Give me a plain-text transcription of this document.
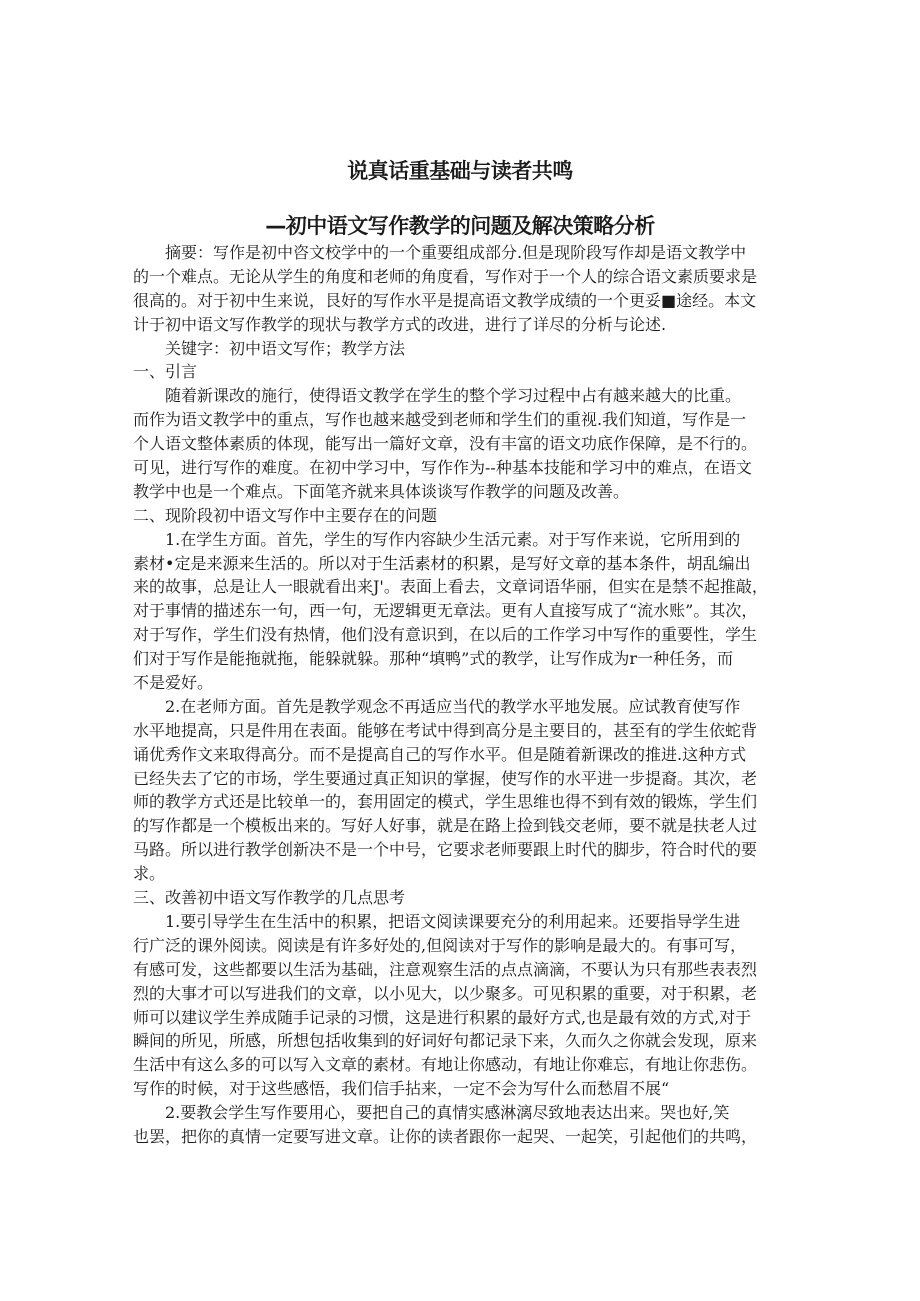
说真话重基础与读者共鸣
—初中语文写作教学的问题及解决策略分析
　　摘要：写作是初中咨文校学中的一个重要组成部分.但是现阶段写作却是语文教学中
的一个难点。无论从学生的角度和老师的角度看，写作对于一个人的综合语文素质要求是
很高的。对于初中生来说，艮好的写作水平是提高语文教学成绩的一个更妥■途经。本文
计于初中语文写作教学的现状与教学方式的改进，进行了详尽的分析与论述.
　　关键字：初中语文写作；教学方法
一、引言
　　随着新课改的施行，使得语文教学在学生的整个学习过程中占有越来越大的比重。
而作为语文教学中的重点，写作也越来越受到老师和学生们的重视.我们知道，写作是一
个人语文整体素质的体现，能写出一篇好文章，没有丰富的语文功底作保障，是不行的。
可见，进行写作的难度。在初中学习中，写作作为--种基本技能和学习中的难点，在语文
教学中也是一个难点。下面笔齐就来具体谈谈写作教学的问题及改善。
二、现阶段初中语文写作中主要存在的问题
　　1.在学生方面。首先，学生的写作内容缺少生活元素。对于写作来说，它所用到的
素材•定是来源来生活的。所以对于生活素材的积累，是写好文章的基本条件，胡乱编出
来的故事，总是让人一眼就看出来J'。表面上看去，文章词语华丽，但实在是禁不起推敲，
对于事情的描述东一句，西一句，无逻辑更无章法。更有人直接写成了“流水账”。其次，
对于写作，学生们没有热情，他们没有意识到，在以后的工作学习中写作的重要性，学生
们对于写作是能拖就拖，能躲就躲。那种“填鸭”式的教学，让写作成为r一种任务，而
不是爱好。
　　2.在老师方面。首先是教学观念不再适应当代的教学水平地发展。应试教育使写作
水平地提高，只是件用在表面。能够在考试中得到高分是主要目的，甚至有的学生依蛇背
诵优秀作文来取得高分。而不是提高自己的写作水平。但是随着新课改的推进.这种方式
已经失去了它的市场，学生要通过真正知识的掌握，使写作的水平进一步提裔。其次，老
师的教学方式还是比较单一的，套用固定的模式，学生思维也得不到有效的锻炼，学生们
的写作都是一个模板出来的。写好人好事，就是在路上捡到钱交老师，要不就是扶老人过
马路。所以进行教学创新决不是一个中号，它要求老师要跟上时代的脚步，符合时代的要
求。
三、改善初中语文写作教学的几点思考
　　1.要引导学生在生活中的积累，把语文阅读课要充分的利用起来。还要指导学生进
行广泛的课外阅读。阅读是有许多好处的,但阅读对于写作的影响是最大的。有事可写，
有感可发，这些都要以生活为基础，注意观察生活的点点滴滴，不要认为只有那些表表烈
烈的大事才可以写进我们的文章，以小见大，以少聚多。可见积累的重要，对于积累，老
师可以建议学生养成随手记录的习惯，这是进行积累的最好方式,也是最有效的方式,对于
瞬间的所见，所感，所想包括收集到的好词好句都记录下来，久而久之你就会发现，原来
生活中有这么多的可以写入文章的素材。有地让你感动，有地让你难忘，有地让你悲伤。
写作的时候，对于这些感悟，我们信手拈来，一定不会为写什么而愁眉不展“
　　2.要教会学生写作要用心，要把自己的真情实感淋漓尽致地表达出来。哭也好,笑
也罢，把你的真情一定要写进文章。让你的读者跟你一起哭、一起笑，引起他们的共鸣，
